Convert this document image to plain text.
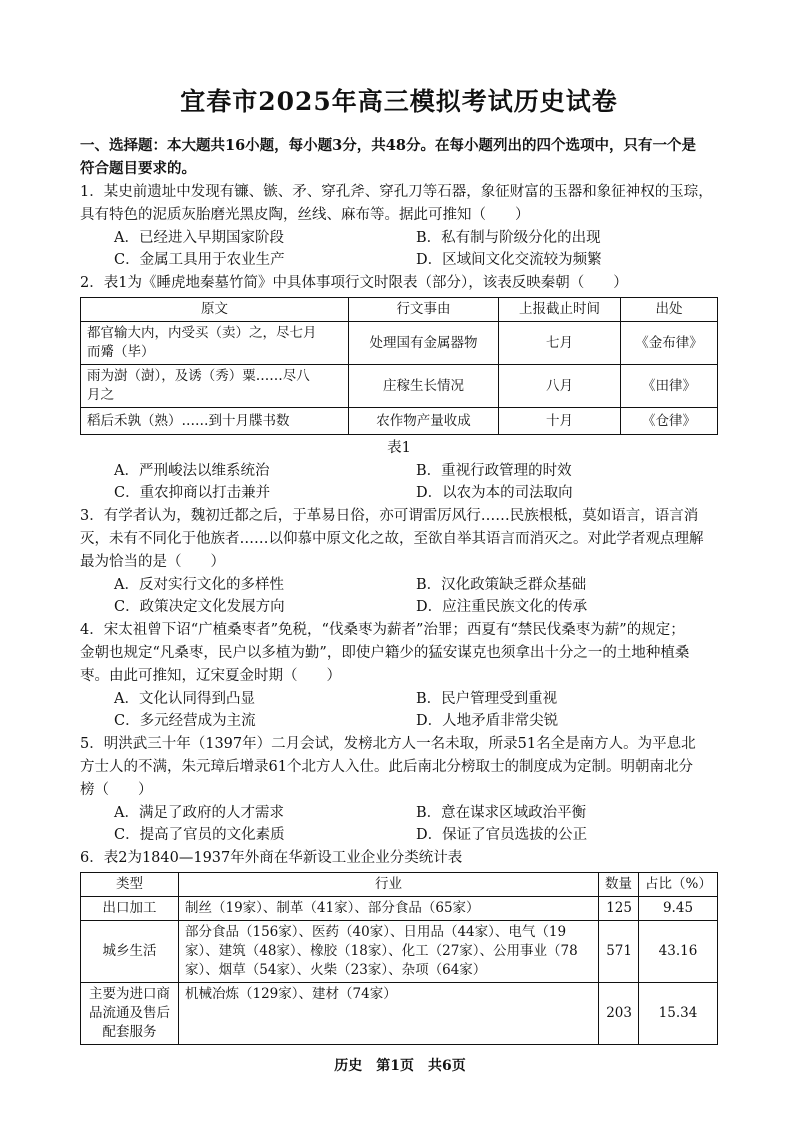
宜春市2025年高三模拟考试历史试卷
一、选择题：本大题共16小题，每小题3分，共48分。在每小题列出的四个选项中，只有一个是
符合题目要求的。
1．某史前遗址中发现有镰、镞、矛、穿孔斧、穿孔刀等石器，象征财富的玉器和象征神权的玉琮，
具有特色的泥质灰胎磨光黑皮陶，丝线、麻布等。据此可推知（　　）
A．已经进入早期国家阶段	B．私有制与阶级分化的出现
C．金属工具用于农业生产	D．区域间文化交流较为频繁
2．表1为《睡虎地秦墓竹简》中具体事项行文时限表（部分），该表反映秦朝（　　）
原文	行文事由	上报截止时间	出处

都官输大内，内受买（卖）之，尽七月
而觱（毕）	处理国有金属器物	七月	《金布律》

雨为澍（澍），及诱（秀）粟……尽八
月之	庄稼生长情况	八月	《田律》

稻后禾孰（熟）……到十月牒书数	农作物产量收成	十月	《仓律》
表1
A．严刑峻法以维系统治	B．重视行政管理的时效
C．重农抑商以打击兼并	D．以农为本的司法取向
3．有学者认为，魏初迁都之后，于革易日俗，亦可谓雷厉风行……民族根柢，莫如语言，语言消
灭，未有不同化于他族者……以仰慕中原文化之故，至欲自举其语言而消灭之。对此学者观点理解
最为恰当的是（　　）
A．反对实行文化的多样性	B．汉化政策缺乏群众基础
C．政策决定文化发展方向	D．应注重民族文化的传承
4．宋太祖曾下诏“广植桑枣者”免税，“伐桑枣为薪者”治罪；西夏有“禁民伐桑枣为薪”的规定；
金朝也规定“凡桑枣，民户以多植为勤”，即使户籍少的猛安谋克也须拿出十分之一的土地种植桑
枣。由此可推知，辽宋夏金时期（　　）
A．文化认同得到凸显	B．民户管理受到重视
C．多元经营成为主流	D．人地矛盾非常尖锐
5．明洪武三十年（1397年）二月会试，发榜北方人一名未取，所录51名全是南方人。为平息北
方士人的不满，朱元璋后增录61个北方人入仕。此后南北分榜取士的制度成为定制。明朝南北分
榜（　　）
A．满足了政府的人才需求	B．意在谋求区域政治平衡
C．提高了官员的文化素质	D．保证了官员选拔的公正
6．表2为1840—1937年外商在华新设工业企业分类统计表
类型	行业	数量	占比（%）

出口加工	制丝（19家）、制革（41家）、部分食品（65家）	125	9.45

城乡生活	部分食品（156家）、医药（40家）、日用品（44家）、电气（19
家）、建筑（48家）、橡胶（18家）、化工（27家）、公用事业（78
家）、烟草（54家）、火柴（23家）、杂项（64家）	571	43.16

主要为进口商
品流通及售后
配套服务	机械冶炼（129家）、建材（74家）	203	15.34
历史　第1页　共6页
